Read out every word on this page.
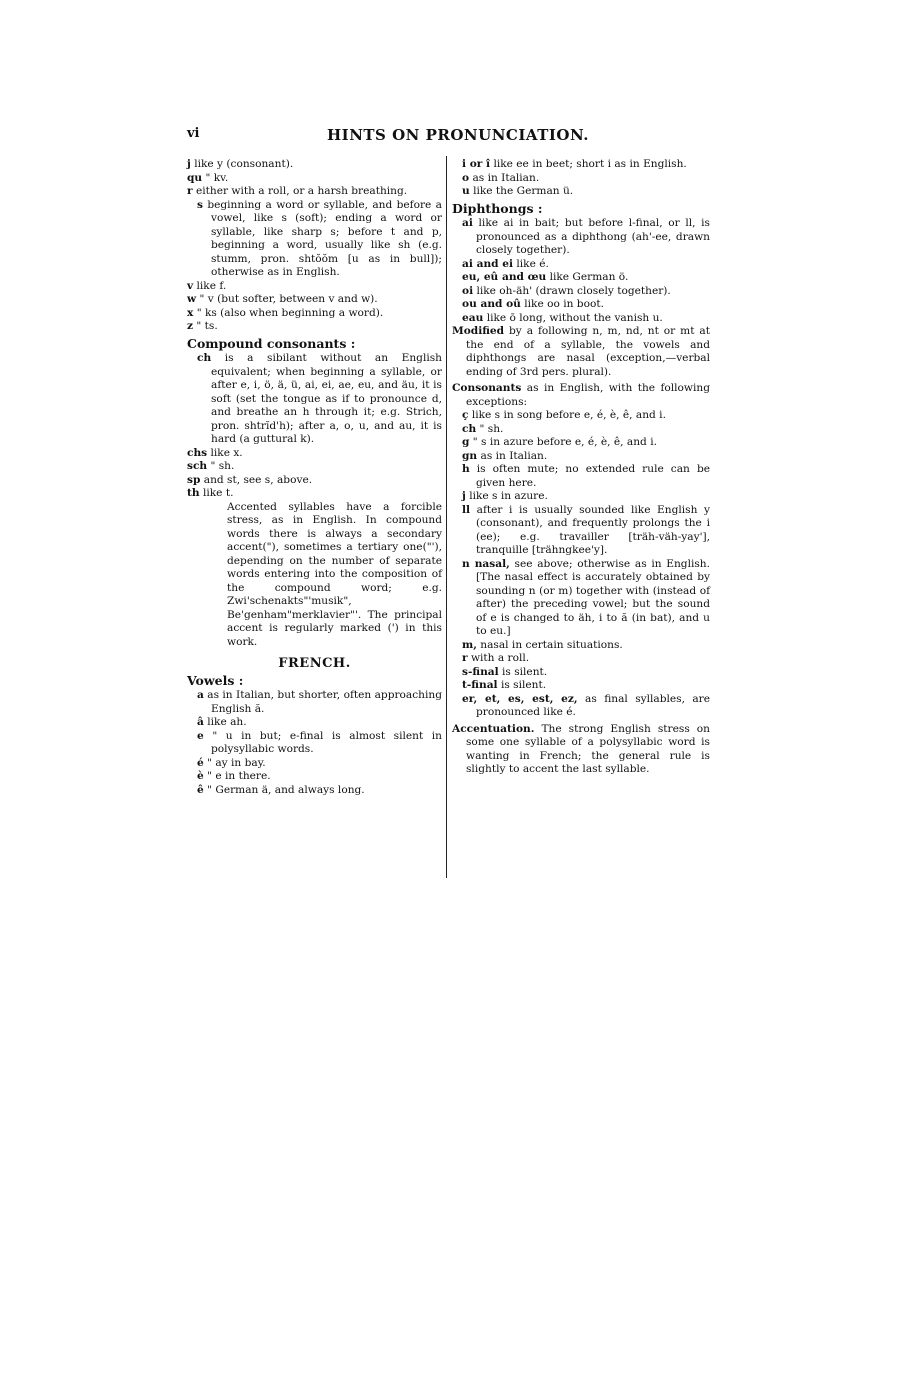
vi	HINTS ON PRONUNCIATION.

j like y (consonant).

qu " kv.

r either with a roll, or a harsh breathing.

s beginning a word or syllable, and before a vowel, like s (soft); ending a word or syllable, like sharp s; before t and p, beginning a word, usually like sh (e.g. stumm, pron. shtŏŏm [u as in bull]); otherwise as in English.

v like f.

w " v (but softer, between v and w).

x " ks (also when beginning a word).

z " ts.

Compound consonants :

ch is a sibilant without an English equivalent; when beginning a syllable, or after e, i, ö, ä, ü, ai, ei, ae, eu, and äu, it is soft (set the tongue as if to pronounce d, and breathe an h through it; e.g. Strich, pron. shtrĭd'h); after a, o, u, and au, it is hard (a guttural k).

chs like x.

sch " sh.

sp and st, see s, above.

th like t.

Accented syllables have a forcible stress, as in English. In compound words there is always a secondary accent("), sometimes a tertiary one("'), depending on the number of separate words entering into the composition of the compound word; e.g. Zwi'schenakts"'musik", Be'genham"merklavier"'. The principal accent is regularly marked (') in this work.

FRENCH.
Vowels :

a as in Italian, but shorter, often approaching English ă.

â like ah.

e " u in but; e-final is almost silent in polysyllabic words.

é " ay in bay.

è " e in there.

ê " German ä, and always long.

i or î like ee in beet; short i as in English.

o as in Italian.

u like the German ü.

Diphthongs :

ai like ai in bait; but before l-final, or ll, is pronounced as a diphthong (ah'-ee, drawn closely together).

ai and ei like é.

eu, eû and œu like German ö.

oi like oh-äh' (drawn closely together).

ou and oû like oo in boot.

eau like ō long, without the vanish u.

Modified by a following n, m, nd, nt or mt at the end of a syllable, the vowels and diphthongs are nasal (exception,—verbal ending of 3rd pers. plural).

Consonants as in English, with the following exceptions:

ç like s in song before e, é, è, ê, and i.

ch " sh.

g " s in azure before e, é, è, ê, and i.

gn as in Italian.

h is often mute; no extended rule can be given here.

j like s in azure.

ll after i is usually sounded like English y (consonant), and frequently prolongs the i (ee); e.g. travailler [träh-väh-yay'], tranquille [trähngkee'y].

n nasal, see above; otherwise as in English. [The nasal effect is accurately obtained by sounding n (or m) together with (instead of after) the preceding vowel; but the sound of e is changed to äh, i to ă (in bat), and u to eu.]

m, nasal in certain situations.

r with a roll.

s-final is silent.

t-final is silent.

er, et, es, est, ez, as final syllables, are pronounced like é.

Accentuation. The strong English stress on some one syllable of a polysyllabic word is wanting in French; the general rule is slightly to accent the last syllable.
